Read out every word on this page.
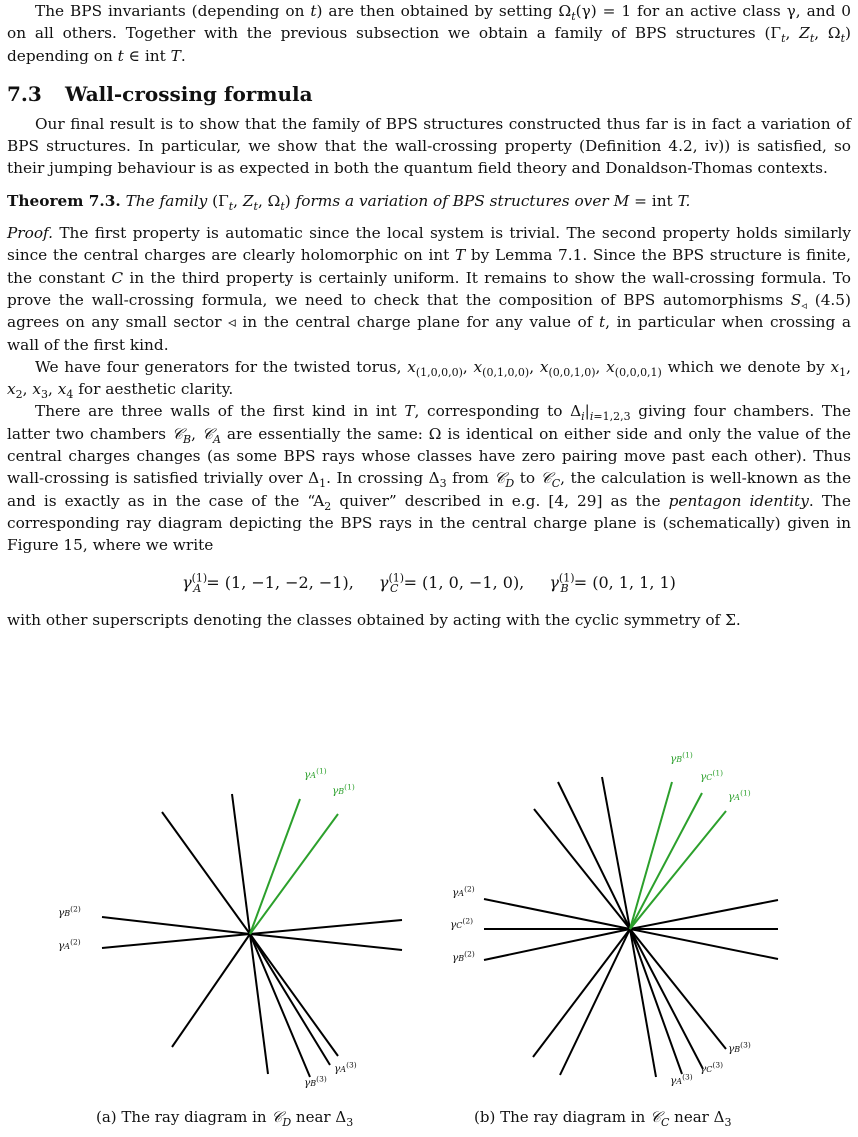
The BPS invariants (depending on t) are then obtained by setting $\Omega_t(\gamma) = 1$ for an active class γ, and 0 on all others. Together with the previous subsection we obtain a family of BPS structures ($\Gamma_t$, $Z_t$, $\Omega_t$) depending on t ∈ int T.

7.3 Wall-crossing formula

Our final result is to show that the family of BPS structures constructed thus far is in fact a variation of BPS structures. In particular, we show that the wall-crossing property (Definition 4.2, iv)) is satisfied, so their jumping behaviour is as expected in both the quantum field theory and Donaldson-Thomas contexts.

Theorem 7.3. The family ($\Gamma_t$, $Z_t$, $\Omega_t$) forms a variation of BPS structures over M = int T.

Proof. The first property is automatic since the local system is trivial. The second property holds similarly since the central charges are clearly holomorphic on int T by Lemma 7.1. Since the BPS structure is finite, the constant C in the third property is certainly uniform. It remains to show the wall-crossing formula. To prove the wall-crossing formula, we need to check that the composition of BPS automorphisms $S_◃$ (4.5) agrees on any small sector ◃ in the central charge plane for any value of t, in particular when crossing a wall of the first kind.

We have four generators for the twisted torus, $x_{(1,0,0,0)}$, $x_{(0,1,0,0)}$, $x_{(0,0,1,0)}$, $x_{(0,0,0,1)}$ which we denote by $x_1$, $x_2$, $x_3$, $x_4$ for aesthetic clarity.

There are three walls of the first kind in int T, corresponding to $\Delta_i|_{i=1,2,3}$ giving four chambers. The latter two chambers 𝒞$_B$, 𝒞$_A$ are essentially the same: Ω is identical on either side and only the value of the central charges changes (as some BPS rays whose classes have zero pairing move past each other). Thus wall-crossing is satisfied trivially over $\Delta_1$. In crossing $\Delta_3$ from 𝒞$_D$ to 𝒞$_C$, the calculation is well-known as the and is exactly as in the case of the “$A_2$ quiver” described in e.g. [4, 29] as the pentagon identity. The corresponding ray diagram depicting the BPS rays in the central charge plane is (schematically) given in Figure 15, where we write

$\gamma^{(1)}_A = (1$, −1, −2, −1), $\gamma^{(1)}_C = (1$, 0, −1, 0), $\gamma^{(1)}_B = (0$, 1, 1, 1)

with other superscripts denoting the classes obtained by acting with the cyclic symmetry of Σ.

$\gamma A^{(1)}$
$\gamma B^{(1)}$
$\gamma B^{(2)}$
$\gamma A^{(2)}$
$\gamma A^{(3)}$
$\gamma B^{(3)}$
(a) The ray diagram in 𝒞$_D$ near $\Delta_3$
$\gamma B^{(1)}$
$\gamma C^{(1)}$
$\gamma A^{(1)}$
$\gamma A^{(2)}$
$\gamma C^{(2)}$
$\gamma B^{(2)}$
$\gamma B^{(3)}$
$\gamma C^{(3)}$
$\gamma A^{(3)}$
(b) The ray diagram in 𝒞$_C$ near $\Delta_3$
